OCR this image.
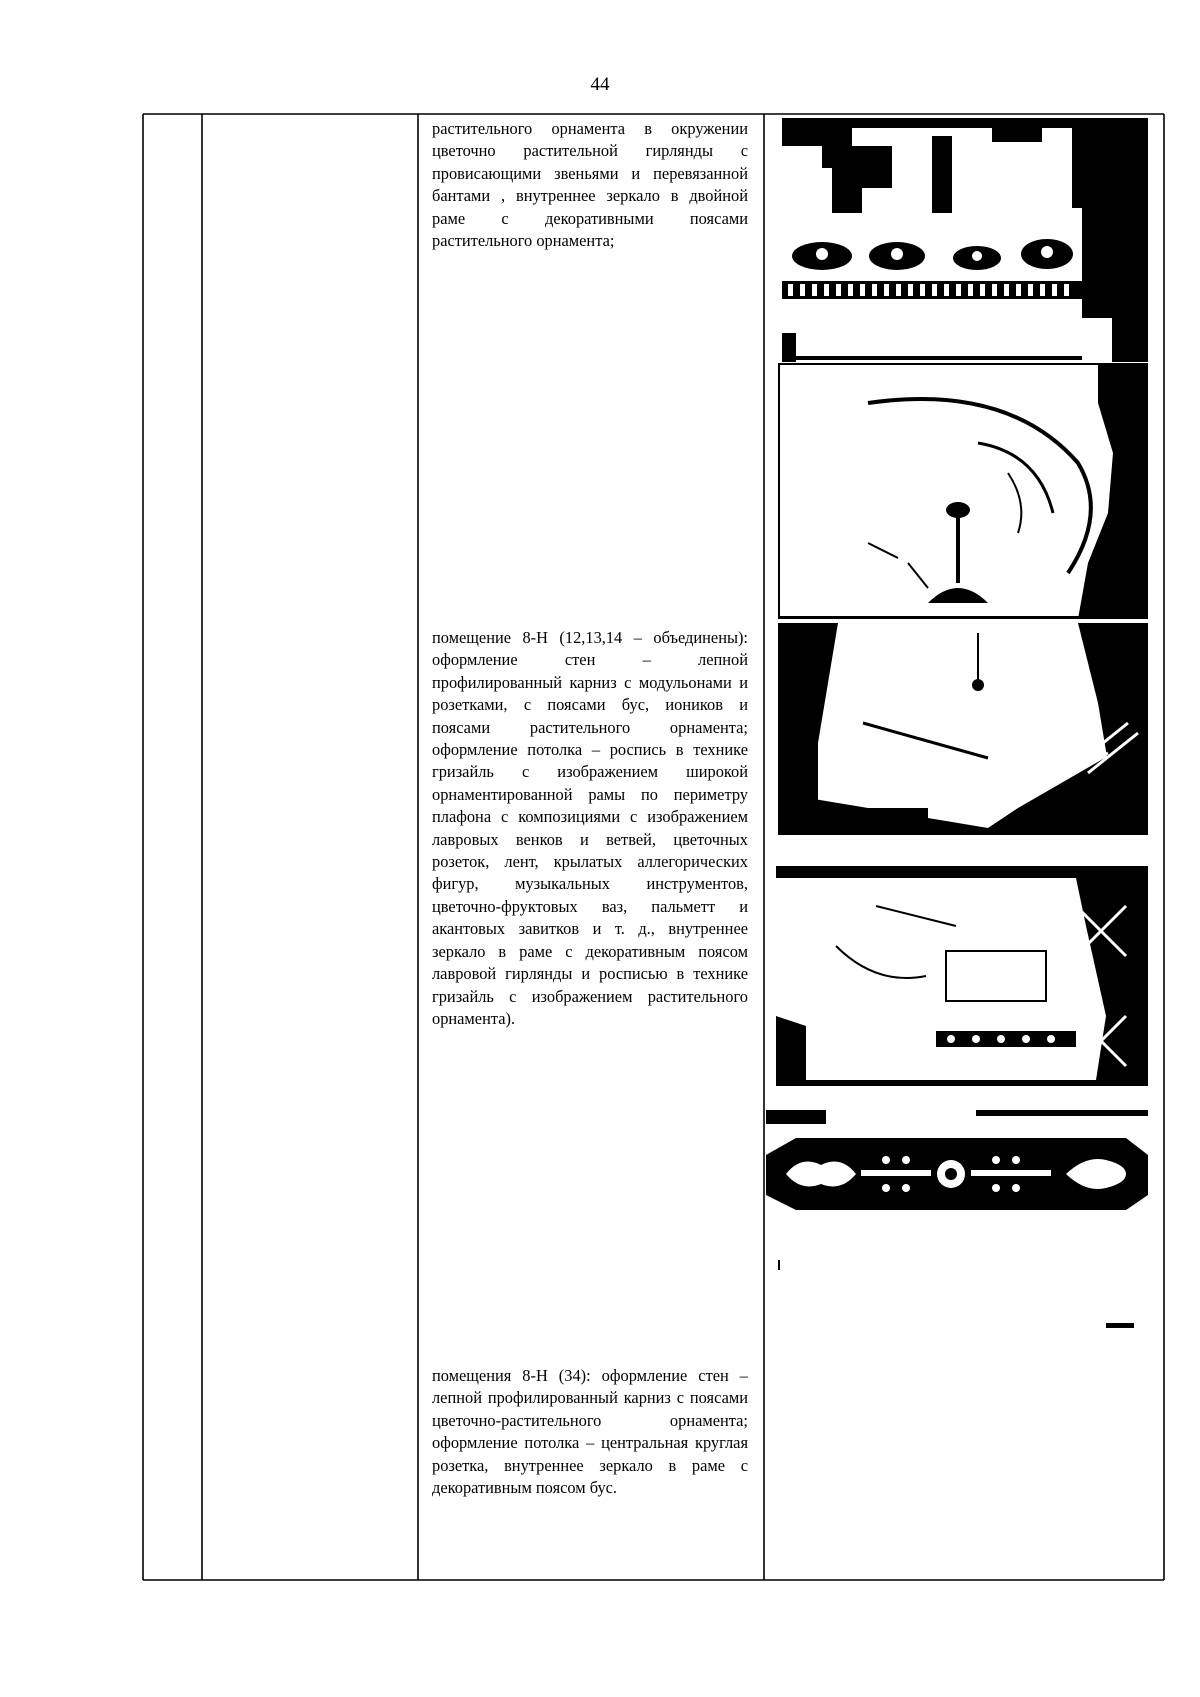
44

растительного орнамента в окружении цветочно растительной гирлянды с провисающими звеньями и перевязанной бантами , внутреннее зеркало в двойной раме с декоративными поясами растительного орнамента;

помещение 8-Н (12,13,14 – объединены): оформление стен – лепной профилированный карниз с модульонами и розетками, с поясами бус, иоников и поясами растительного орнамента; оформление потолка – роспись в технике гризайль с изображением широкой орнаментированной рамы по периметру плафона с композициями с изображением лавровых венков и ветвей, цветочных розеток, лент, крылатых аллегорических фигур, музыкальных инструментов, цветочно-фруктовых ваз, пальметт и акантовых завитков и т. д., внутреннее зеркало в раме с декоративным поясом лавровой гирлянды и росписью в технике гризайль с изображением растительного орнамента).

помещения 8-Н (34): оформление стен – лепной профилированный карниз с поясами цветочно-растительного орнамента; оформление потолка – центральная круглая розетка, внутреннее зеркало в раме с декоративным поясом бус.
